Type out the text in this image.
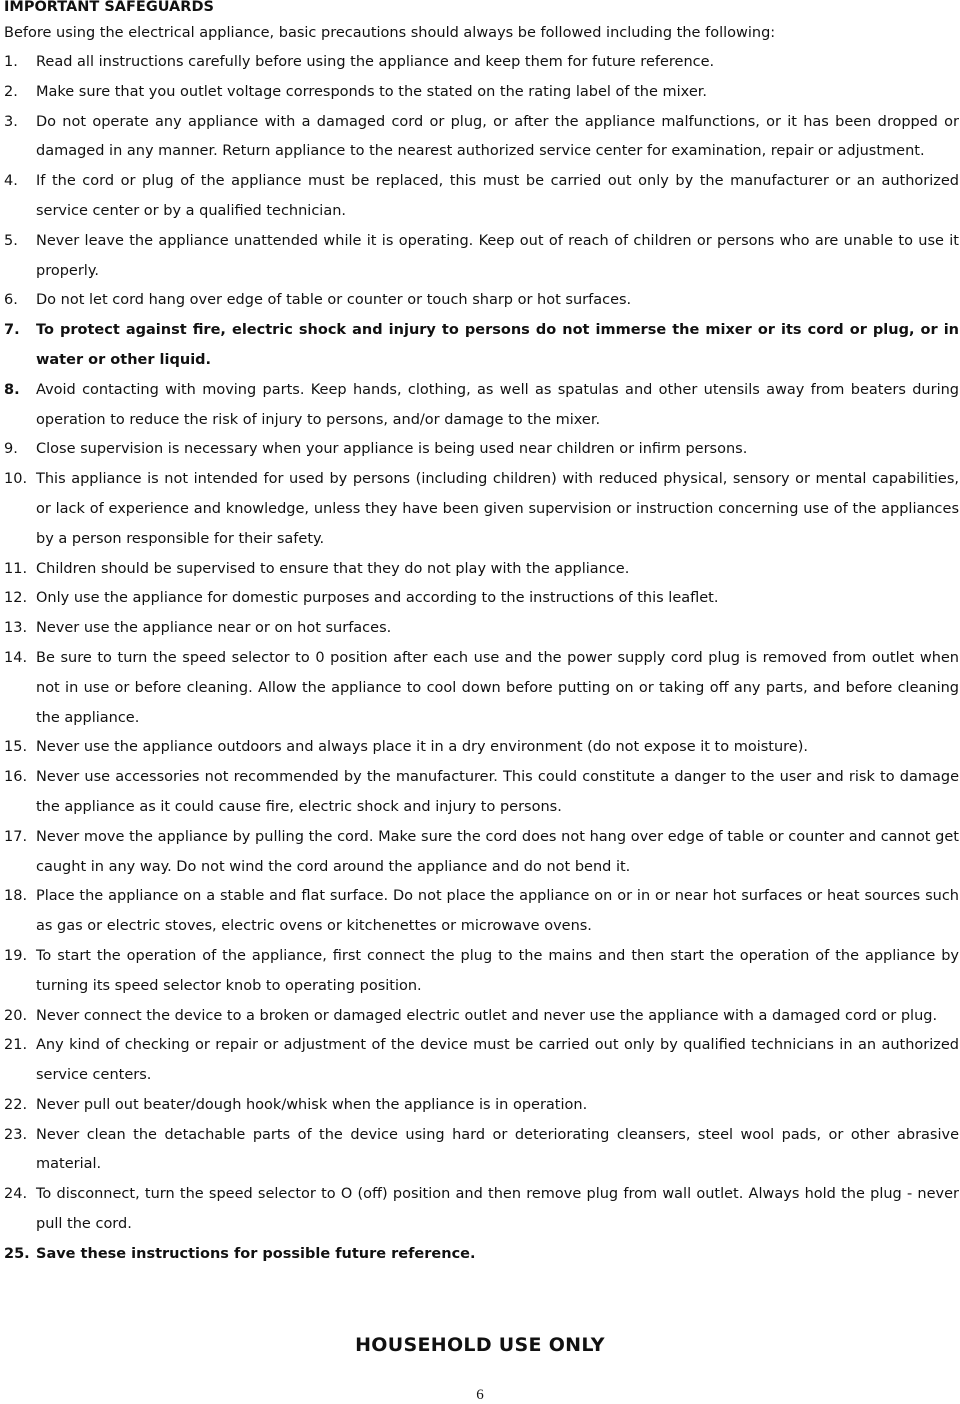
IMPORTANT SAFEGUARDS
Before using the electrical appliance, basic precautions should always be followed including the following:
1.	Read all instructions carefully before using the appliance and keep them for future reference.
2.	Make sure that you outlet voltage corresponds to the stated on the rating label of the mixer.
3.	Do not operate any appliance with a damaged cord or plug, or after the appliance malfunctions, or it has been dropped or damaged in any manner. Return appliance to the nearest authorized service center for examination, repair or adjustment.
4.	If the cord or plug of the appliance must be replaced, this must be carried out only by the manufacturer or an authorized service center or by a qualified technician.
5.	Never leave the appliance unattended while it is operating. Keep out of reach of children or persons who are unable to use it properly.
6.	Do not let cord hang over edge of table or counter or touch sharp or hot surfaces.
7.	To protect against fire, electric shock and injury to persons do not immerse the mixer or its cord or plug, or in water or other liquid.
8.	Avoid contacting with moving parts. Keep hands, clothing, as well as spatulas and other utensils away from beaters during operation to reduce the risk of injury to persons, and/or damage to the mixer.
9.	Close supervision is necessary when your appliance is being used near children or infirm persons.
10. This appliance is not intended for used by persons (including children) with reduced physical, sensory or mental capabilities, or lack of experience and knowledge, unless they have been given supervision or instruction concerning use of the appliances by a person responsible for their safety.
11. Children should be supervised to ensure that they do not play with the appliance.
12. Only use the appliance for domestic purposes and according to the instructions of this leaflet.
13. Never use the appliance near or on hot surfaces.
14. Be sure to turn the speed selector to 0 position after each use and the power supply cord plug is removed from outlet when not in use or before cleaning. Allow the appliance to cool down before putting on or taking off any parts, and before cleaning the appliance.
15. Never use the appliance outdoors and always place it in a dry environment (do not expose it to moisture).
16. Never use accessories not recommended by the manufacturer. This could constitute a danger to the user and risk to damage the appliance as it could cause fire, electric shock and injury to persons.
17. Never move the appliance by pulling the cord. Make sure the cord does not hang over edge of table or counter and cannot get caught in any way. Do not wind the cord around the appliance and do not bend it.
18. Place the appliance on a stable and flat surface. Do not place the appliance on or in or near hot surfaces or heat sources such as gas or electric stoves, electric ovens or kitchenettes or microwave ovens.
19. To start the operation of the appliance, first connect the plug to the mains and then start the operation of the appliance by turning its speed selector knob to operating position.
20. Never connect the device to a broken or damaged electric outlet and never use the appliance with a damaged cord or plug.
21. Any kind of checking or repair or adjustment of the device must be carried out only by qualified technicians in an authorized service centers.
22. Never pull out beater/dough hook/whisk when the appliance is in operation.
23. Never clean the detachable parts of the device using hard or deteriorating cleansers, steel wool pads, or other abrasive material.
24. To disconnect, turn the speed selector to O (off) position and then remove plug from wall outlet. Always hold the plug - never pull the cord.
25. Save these instructions for possible future reference.
HOUSEHOLD USE ONLY
6
